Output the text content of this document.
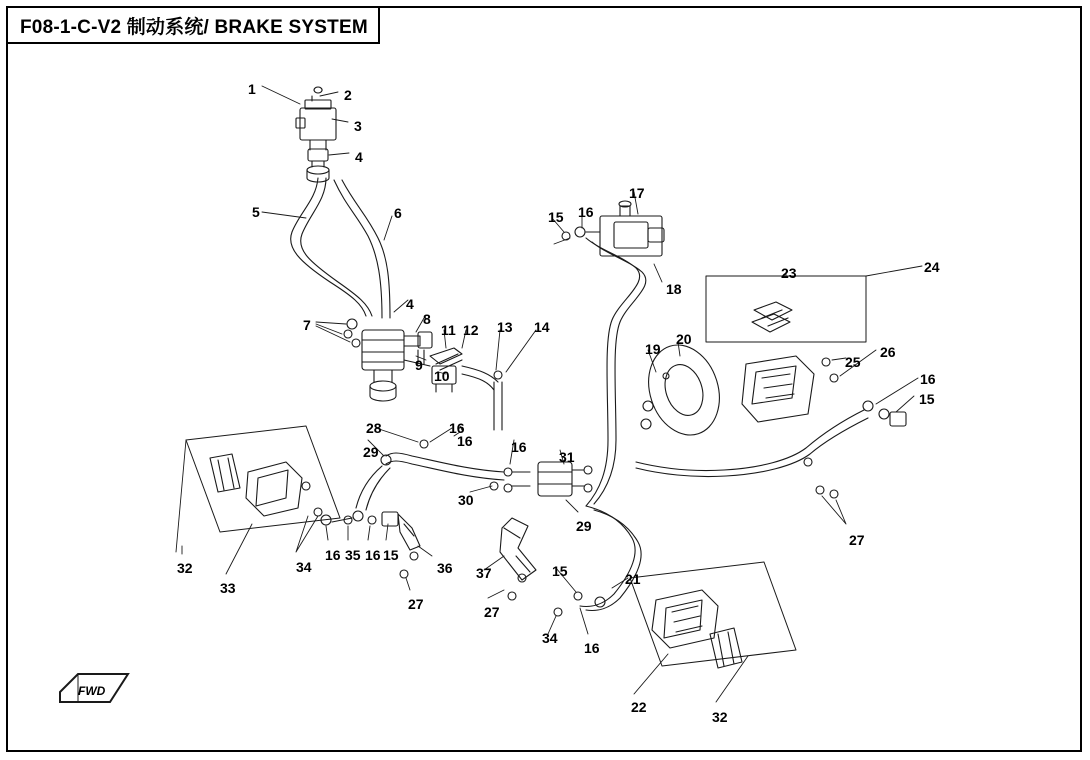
F08-1-C-V2 制动系统/ BRAKE SYSTEM
FWD
1	2
3
4
5	6
4
7	8
9
10
11 12 13 14
15 16
17
18
19
20
23	24
25
26
16
15
16
28
29
16	16
31
30
29
27
32
33
34
16 35 16 15
36
27
37
27
15	21
34
16
22
32
